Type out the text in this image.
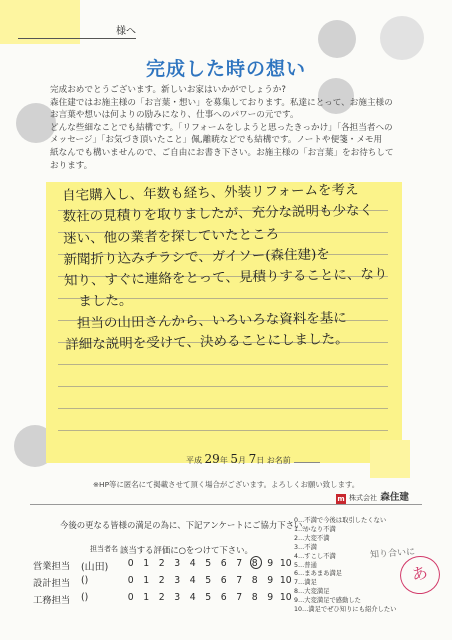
様へ
完成した時の想い
完成おめでとうございます。新しいお家はいかがでしょうか?
森住建ではお施主様の「お言葉・想い」を募集しております。私達にとって、お施主様の
お言葉や想いは何よりの励みになり、仕事へのパワーの元です。
どんな些細なことでも結構です。「リフォームをしようと思ったきっかけ」「各担当者への
メッセージ」「お気づき頂いたこと」佩,離暁などでも結構です。ノートや便箋・メモ用
紙なんでも構いませんので、ご自由にお書き下さい。お施主様の「お言葉」をお待ちして
おります。
自宅購入し、年数も経ち、外装リフォームを考え
数社の見積りを取りましたが、充分な説明も少なく
迷い、他の業者を探していたところ
新聞折り込みチラシで、ガイソー(森住建)を
知り、すぐに連絡をとって、見積りすることに、なり
ました。
担当の山田さんから、いろいろな資料を基に
詳細な説明を受けて、決めることにしました。
平成 29年 5月 7日 お名前
※HP等に匿名にて掲載させて頂く場合がございます。よろしくお願い致します。
m 株式会社 森住建
今後の更なる皆様の満足の為に、下記アンケートにご協力下さい。
担当者名 該当する評価に○をつけて下さい。
営業担当 (山田)	0 1 2 3 4 5 6 7 8 9 10
設計担当 ()	0 1 2 3 4 5 6 7 8 9 10
工務担当 ()	0 1 2 3 4 5 6 7 8 9 10
0…不満で今後は取引したくない
1…かなり不満
2…大変不満
3…不満
4…すこし不満
5…普通
6…まあまあ満足
7…満足
8…大変満足
9…大変満足で感動した
10…満足でぜひ知りにも紹介したい
知り合いに
あ
